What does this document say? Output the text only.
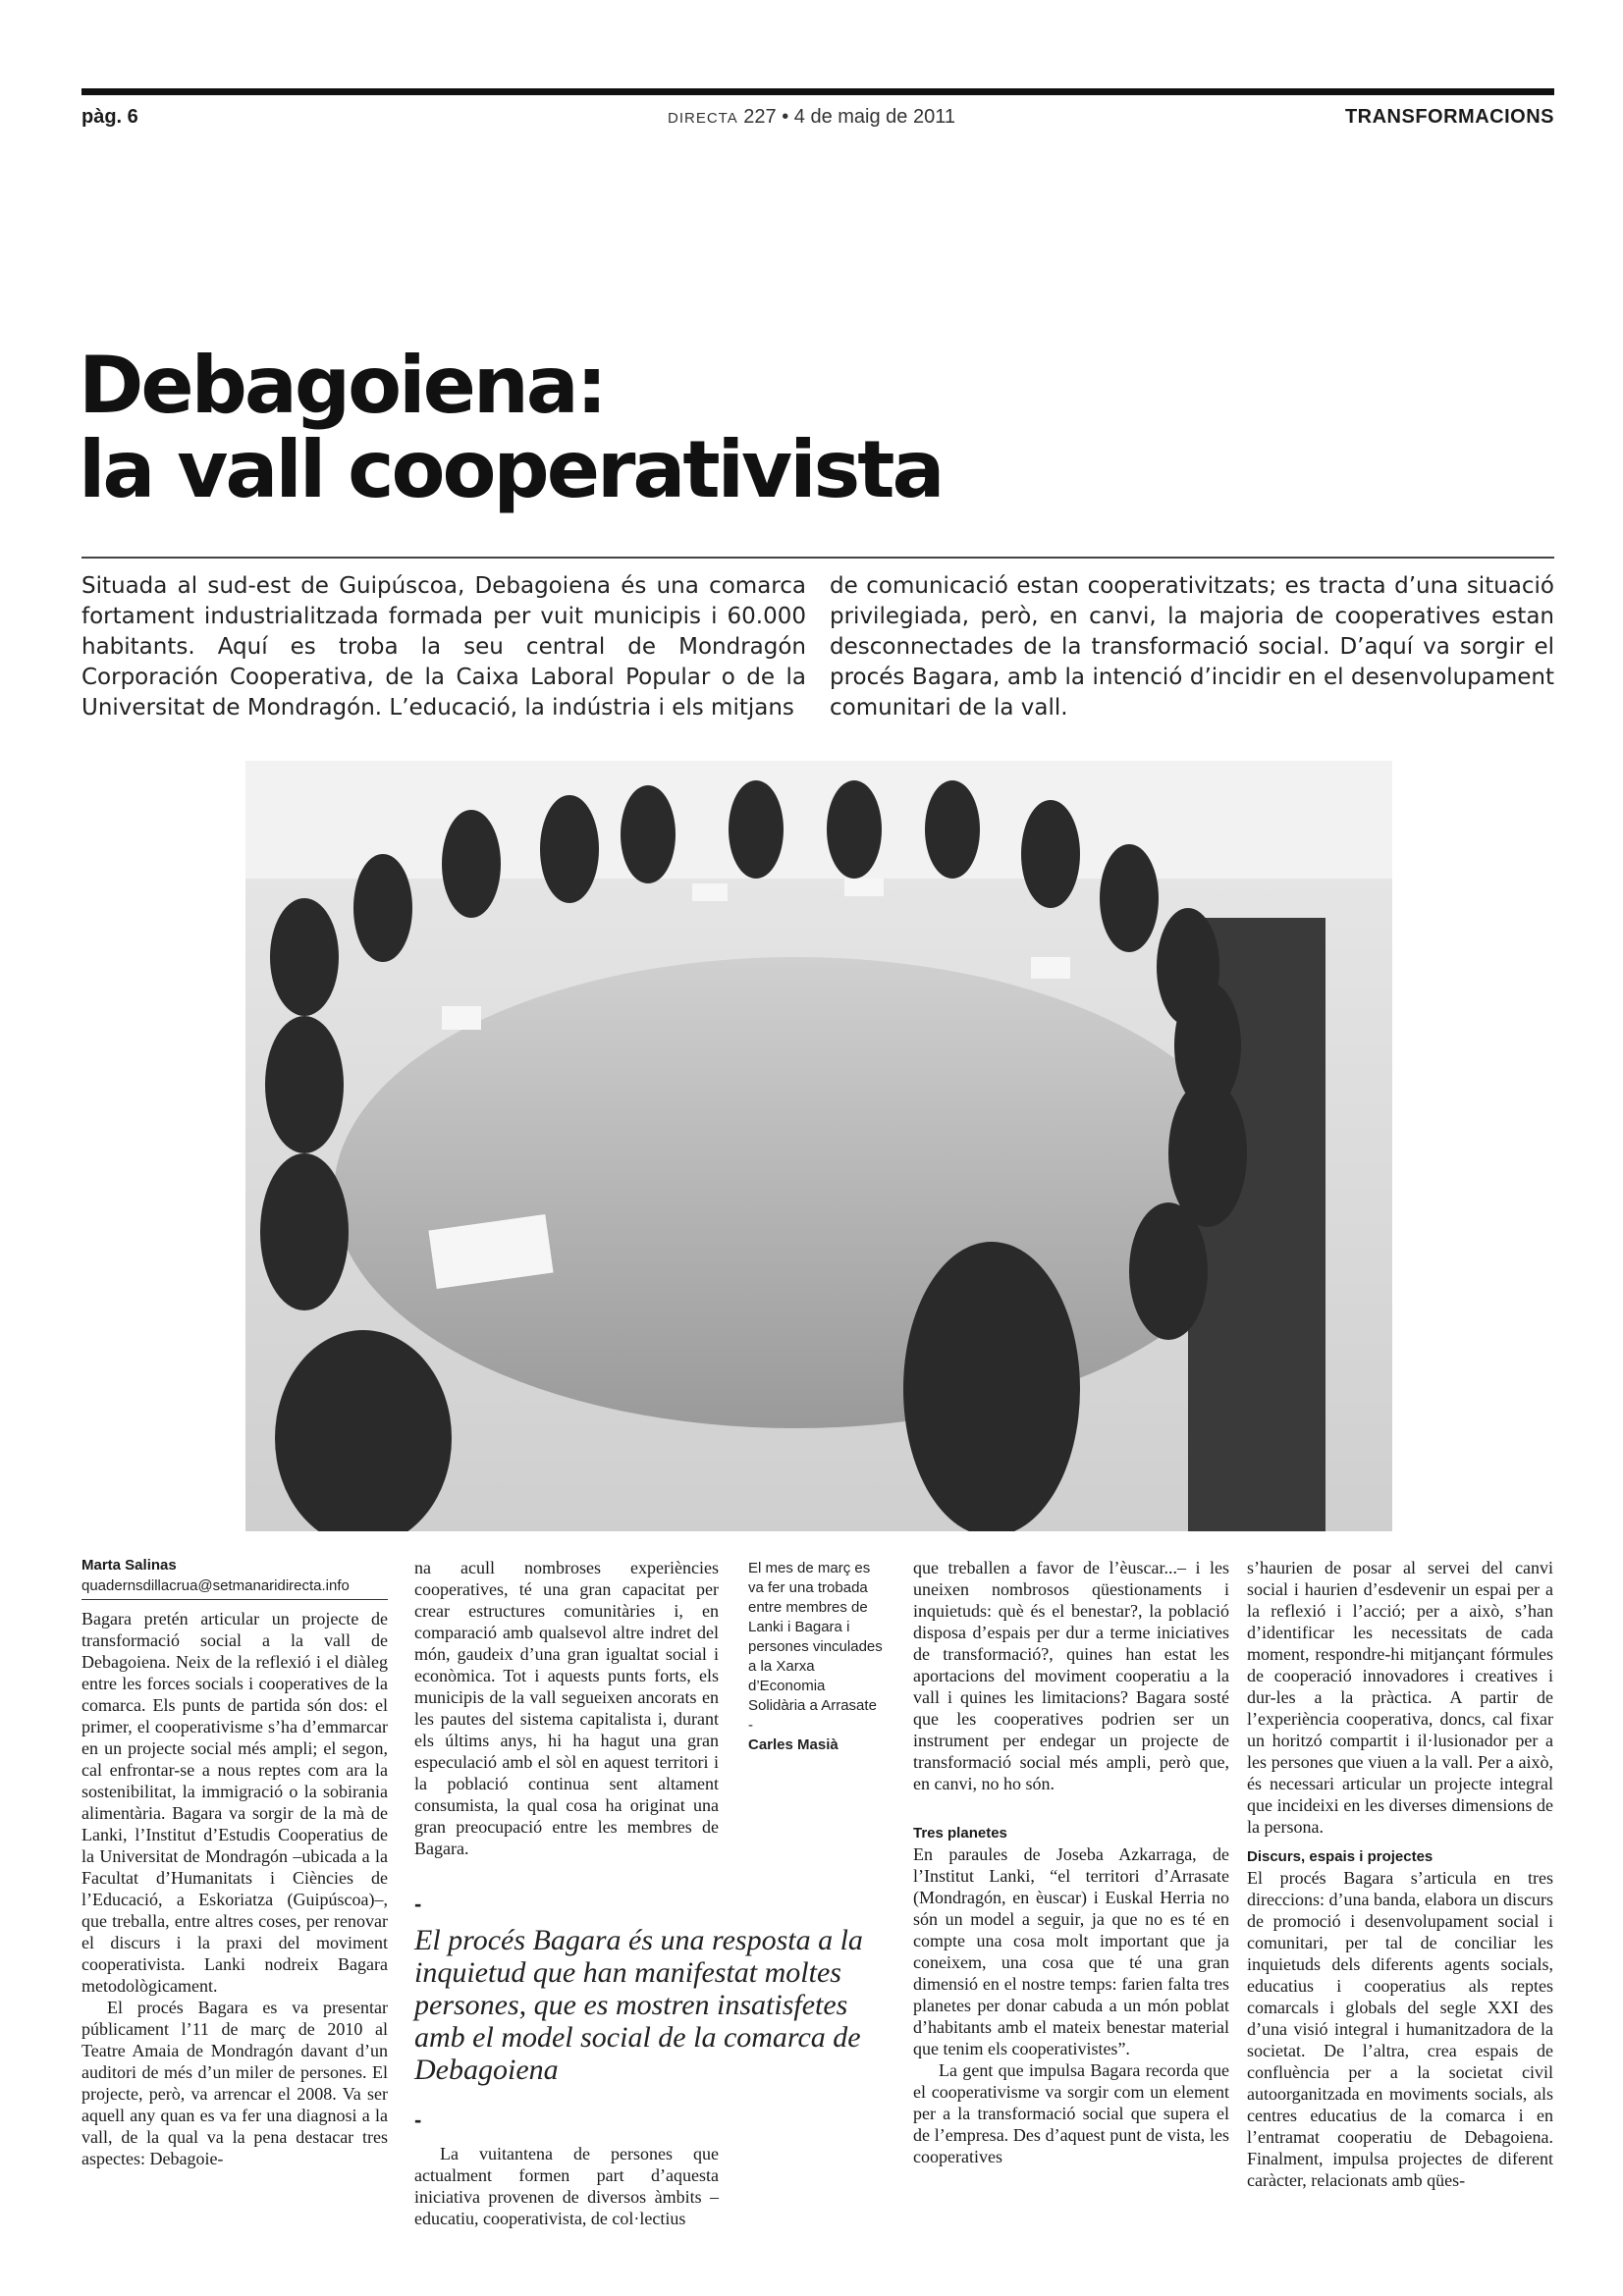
pàg. 6	DIRECTA 227 • 4 de maig de 2011	TRANSFORMACIONS
Debagoiena:
la vall cooperativista
Situada al sud-est de Guipúscoa, Debagoiena és una comarca fortament industrialitzada formada per vuit municipis i 60.000 habitants. Aquí es troba la seu central de Mondragón Corporación Cooperativa, de la Caixa Laboral Popular o de la Universitat de Mondragón. L’educació, la indústria i els mitjans
de comunicació estan cooperativitzats; es tracta d’una situació privilegiada, però, en canvi, la majoria de cooperatives estan desconnectades de la transformació social. D’aquí va sorgir el procés Bagara, amb la intenció d’incidir en el desenvolupament comunitari de la vall.
Marta Salinas
quadernsdillacrua@setmanaridirecta.info

Bagara pretén articular un projecte de transformació social a la vall de Debagoiena. Neix de la reflexió i el diàleg entre les forces socials i cooperatives de la comarca. Els punts de partida són dos: el primer, el cooperativisme s’ha d’emmarcar en un projecte social més ampli; el segon, cal enfrontar-se a nous reptes com ara la sostenibilitat, la immigració o la sobirania alimentària. Bagara va sorgir de la mà de Lanki, l’Institut d’Estudis Cooperatius de la Universitat de Mondragón –ubicada a la Facultat d’Humanitats i Ciències de l’Educació, a Eskoriatza (Guipúscoa)–, que treballa, entre altres coses, per renovar el discurs i la praxi del moviment cooperativista. Lanki nodreix Bagara metodològicament.

El procés Bagara es va presentar públicament l’11 de març de 2010 al Teatre Amaia de Mondragón davant d’un auditori de més d’un miler de persones. El projecte, però, va arrencar el 2008. Va ser aquell any quan es va fer una diagnosi a la vall, de la qual va la pena destacar tres aspectes: Debagoie-

na acull nombroses experiències cooperatives, té una gran capacitat per crear estructures comunitàries i, en comparació amb qualsevol altre indret del món, gaudeix d’una gran igualtat social i econòmica. Tot i aquests punts forts, els municipis de la vall segueixen ancorats en les pautes del sistema capitalista i, durant els últims anys, hi ha hagut una gran especulació amb el sòl en aquest territori i la població continua sent altament consumista, la qual cosa ha originat una gran preocupació entre les membres de Bagara.

-
El procés Bagara és una resposta a la inquietud que han manifestat moltes persones, que es mostren insatisfetes amb el model social de la comarca de Debagoiena
-

La vuitantena de persones que actualment formen part d’aquesta iniciativa provenen de diversos àmbits –educatiu, cooperativista, de col·lectius

El mes de març es va fer una trobada entre membres de Lanki i Bagara i persones vinculades a la Xarxa d’Economia Solidària a Arrasate
-
Carles Masià

que treballen a favor de l’èuscar...– i les uneixen nombrosos qüestionaments i inquietuds: què és el benestar?, la població disposa d’espais per dur a terme iniciatives de transformació?, quines han estat les aportacions del moviment cooperatiu a la vall i quines les limitacions? Bagara sosté que les cooperatives podrien ser un instrument per endegar un projecte de transformació social més ampli, però que, en canvi, no ho són.

Tres planetes

En paraules de Joseba Azkarraga, de l’Institut Lanki, “el territori d’Arrasate (Mondragón, en èuscar) i Euskal Herria no són un model a seguir, ja que no es té en compte una cosa molt important que ja coneixem, una cosa que té una gran dimensió en el nostre temps: farien falta tres planetes per donar cabuda a un món poblat d’habitants amb el mateix benestar material que tenim els cooperativistes”.

La gent que impulsa Bagara recorda que el cooperativisme va sorgir com un element per a la transformació social que supera el de l’empresa. Des d’aquest punt de vista, les cooperatives

s’haurien de posar al servei del canvi social i haurien d’esdevenir un espai per a la reflexió i l’acció; per a això, s’han d’identificar les necessitats de cada moment, respondre-hi mitjançant fórmules de cooperació innovadores i creatives i dur-les a la pràctica. A partir de l’experiència cooperativa, doncs, cal fixar un horitzó compartit i il·lusionador per a les persones que viuen a la vall. Per a això, és necessari articular un projecte integral que incideixi en les diverses dimensions de la persona.

Discurs, espais i projectes

El procés Bagara s’articula en tres direccions: d’una banda, elabora un discurs de promoció i desenvolupament social i comunitari, per tal de conciliar les inquietuds dels diferents agents socials, educatius i cooperatius als reptes comarcals i globals del segle XXI des d’una visió integral i humanitzadora de la societat. De l’altra, crea espais de confluència per a la societat civil autoorganitzada en moviments socials, als centres educatius de la comarca i en l’entramat cooperatiu de Debagoiena. Finalment, impulsa projectes de diferent caràcter, relacionats amb qües-
